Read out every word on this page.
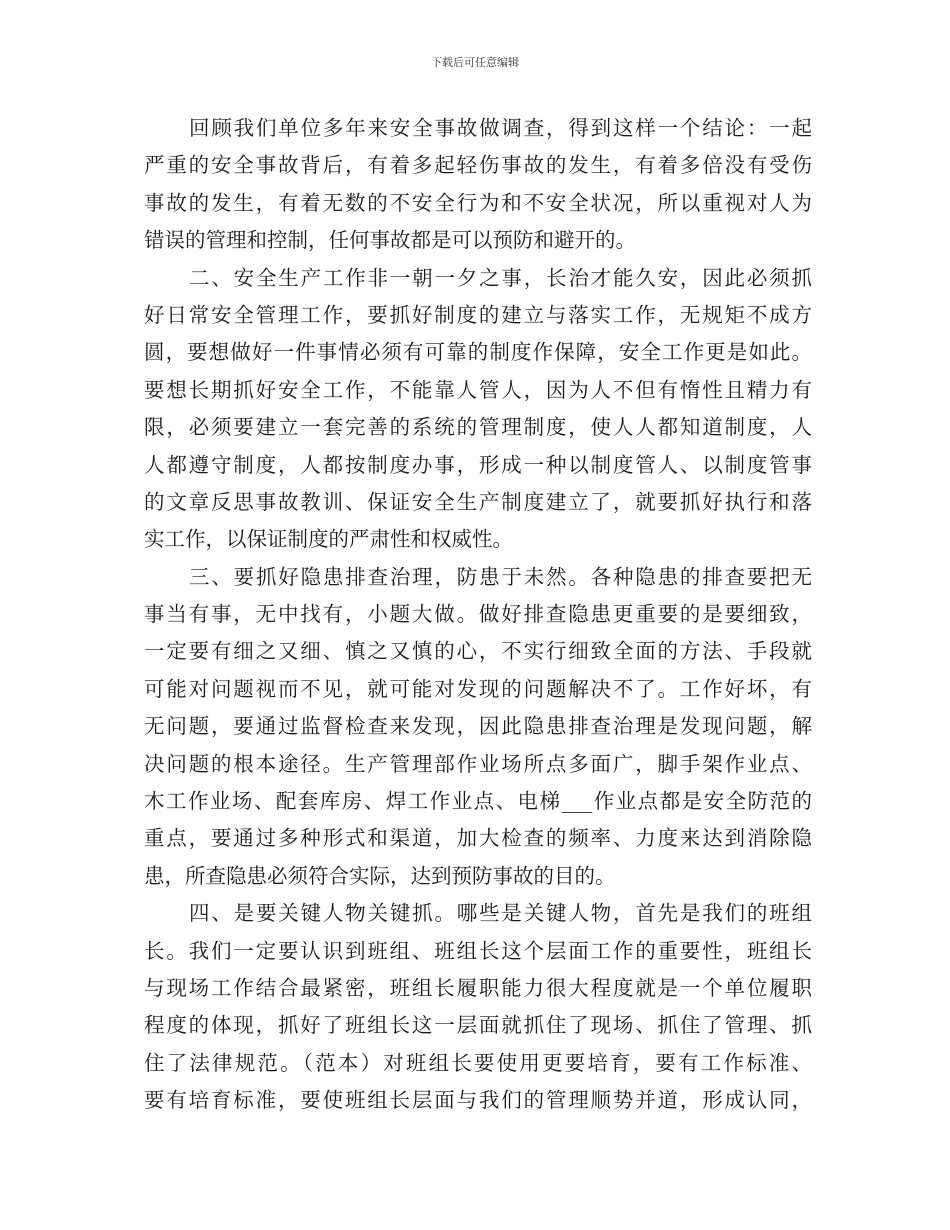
下载后可任意编辑
回顾我们单位多年来安全事故做调查，得到这样一个结论：一起
严重的安全事故背后，有着多起轻伤事故的发生，有着多倍没有受伤
事故的发生，有着无数的不安全行为和不安全状况，所以重视对人为
错误的管理和控制，任何事故都是可以预防和避开的。
二、安全生产工作非一朝一夕之事，长治才能久安，因此必须抓
好日常安全管理工作，要抓好制度的建立与落实工作，无规矩不成方
圆，要想做好一件事情必须有可靠的制度作保障，安全工作更是如此。
要想长期抓好安全工作，不能靠人管人，因为人不但有惰性且精力有
限，必须要建立一套完善的系统的管理制度，使人人都知道制度，人
人都遵守制度，人都按制度办事，形成一种以制度管人、以制度管事
的文章反思事故教训、保证安全生产制度建立了，就要抓好执行和落
实工作，以保证制度的严肃性和权威性。
三、要抓好隐患排查治理，防患于未然。各种隐患的排查要把无
事当有事，无中找有，小题大做。做好排查隐患更重要的是要细致，
一定要有细之又细、慎之又慎的心，不实行细致全面的方法、手段就
可能对问题视而不见，就可能对发现的问题解决不了。工作好坏，有
无问题，要通过监督检查来发现，因此隐患排查治理是发现问题，解
决问题的根本途径。生产管理部作业场所点多面广，脚手架作业点、
木工作业场、配套库房、焊工作业点、电梯___作业点都是安全防范的
重点，要通过多种形式和渠道，加大检查的频率、力度来达到消除隐
患，所查隐患必须符合实际，达到预防事故的目的。
四、是要关键人物关键抓。哪些是关键人物，首先是我们的班组
长。我们一定要认识到班组、班组长这个层面工作的重要性，班组长
与现场工作结合最紧密，班组长履职能力很大程度就是一个单位履职
程度的体现，抓好了班组长这一层面就抓住了现场、抓住了管理、抓
住了法律规范。（范本）对班组长要使用更要培育，要有工作标准、
要有培育标准，要使班组长层面与我们的管理顺势并道，形成认同，
